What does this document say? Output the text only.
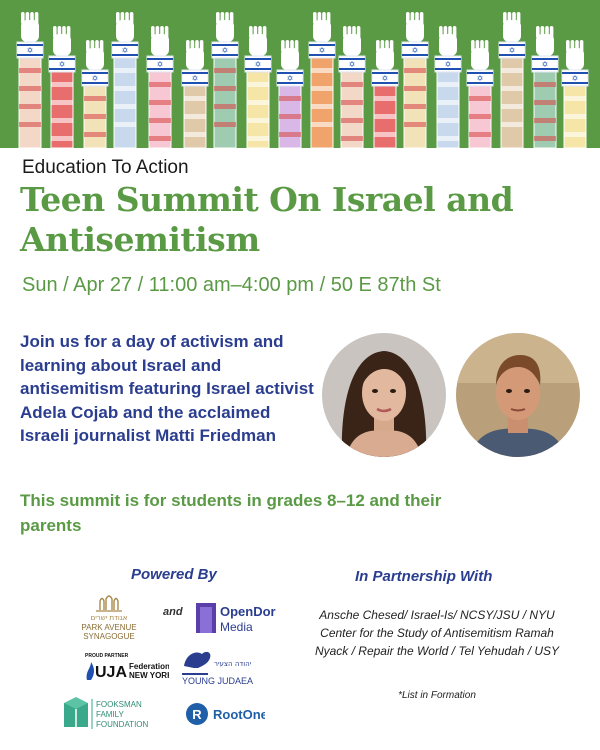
✡
✡
✡
✡
✡
✡
✡
✡
✡
✡
✡
✡
✡
✡
✡
✡
✡
✡
Education To Action
Teen Summit On Israel and Antisemitism
Sun / Apr 27 / 11:00 am–4:00 pm / 50 E 87th St
Join us for a day of activism and learning about Israel and antisemitism featuring Israel activist Adela Cojab and the acclaimed Israeli journalist Matti Friedman
This summit is for students in grades 8–12 and their parents
Powered By
אגודת ישרים
PARK AVENUE
SYNAGOGUE
and	OpenDor
Media
PROUD PARTNER
UJA Federation
NEW YORK
יהודה הצעיר
YOUNG JUDAEA
FOOKSMAN
FAMILY
FOUNDATION
R RootOne
In Partnership With
Ansche Chesed/ Israel-Is/ NCSY/JSU / NYU Center for the Study of Antisemitism Ramah Nyack / Repair the World / Tel Yehudah / USY
*List in Formation
